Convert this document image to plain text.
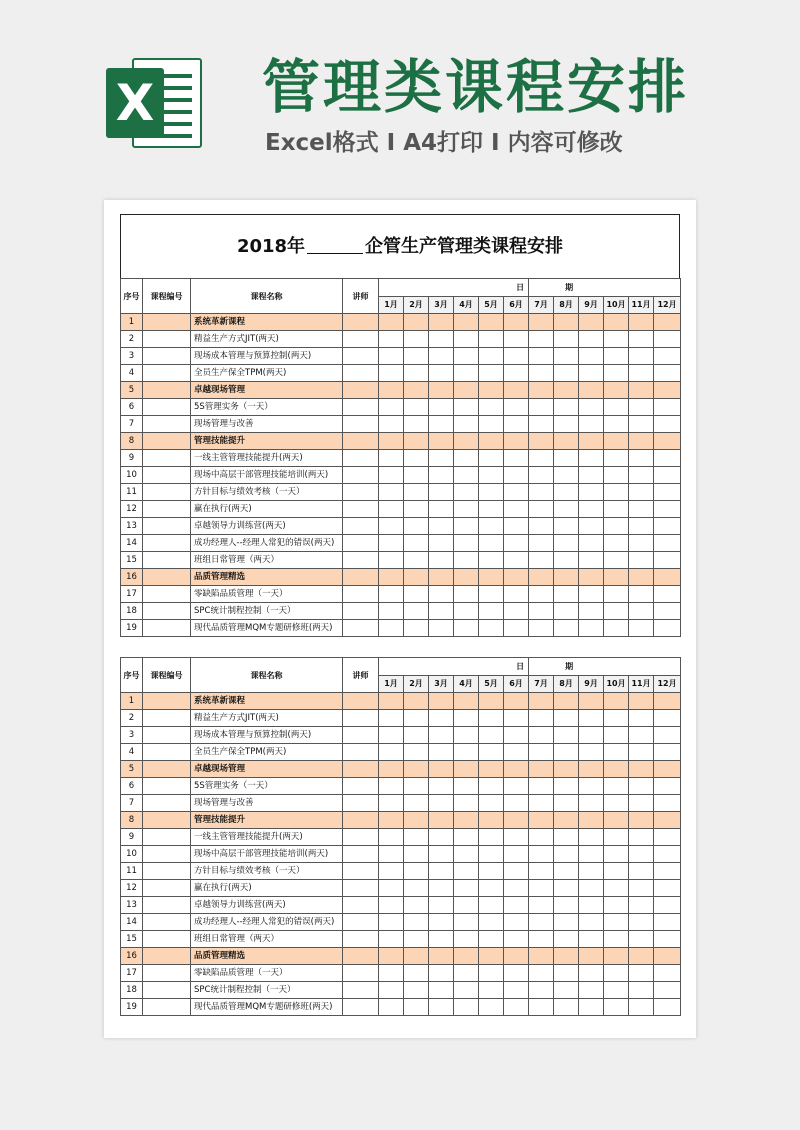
X 管理类课程安排
Excel格式 I A4打印 I 内容可修改
2018年	企管生产管理类课程安排
序号	课程编号	课程名称	讲师	日						期					
				1月	2月	3月	4月	5月	6月	7月	8月	9月	10月	11月	12月
1		系统革新课程													
2		精益生产方式JIT(两天)													
3		现场成本管理与预算控制(两天)													
4		全员生产保全TPM(两天)													
5		卓越现场管理													
6		5S管理实务（一天）													
7		现场管理与改善													
8		管理技能提升													
9		一线主管管理技能提升(两天)													
10		现场中高层干部管理技能培训(两天)													
11		方针目标与绩效考核（一天）													
12		赢在执行(两天)													
13		卓越领导力训练营(两天)													
14		成功经理人--经理人常犯的错误(两天)													
15		班组日常管理（两天）													
16		品质管理精选													
17		零缺陷品质管理（一天）													
18		SPC统计制程控制（一天）													
19		现代品质管理MQM专题研修班(两天)													
序号	课程编号	课程名称	讲师	日						期					
				1月	2月	3月	4月	5月	6月	7月	8月	9月	10月	11月	12月
1		系统革新课程													
2		精益生产方式JIT(两天)													
3		现场成本管理与预算控制(两天)													
4		全员生产保全TPM(两天)													
5		卓越现场管理													
6		5S管理实务（一天）													
7		现场管理与改善													
8		管理技能提升													
9		一线主管管理技能提升(两天)													
10		现场中高层干部管理技能培训(两天)													
11		方针目标与绩效考核（一天）													
12		赢在执行(两天)													
13		卓越领导力训练营(两天)													
14		成功经理人--经理人常犯的错误(两天)													
15		班组日常管理（两天）													
16		品质管理精选													
17		零缺陷品质管理（一天）													
18		SPC统计制程控制（一天）													
19		现代品质管理MQM专题研修班(两天)													
